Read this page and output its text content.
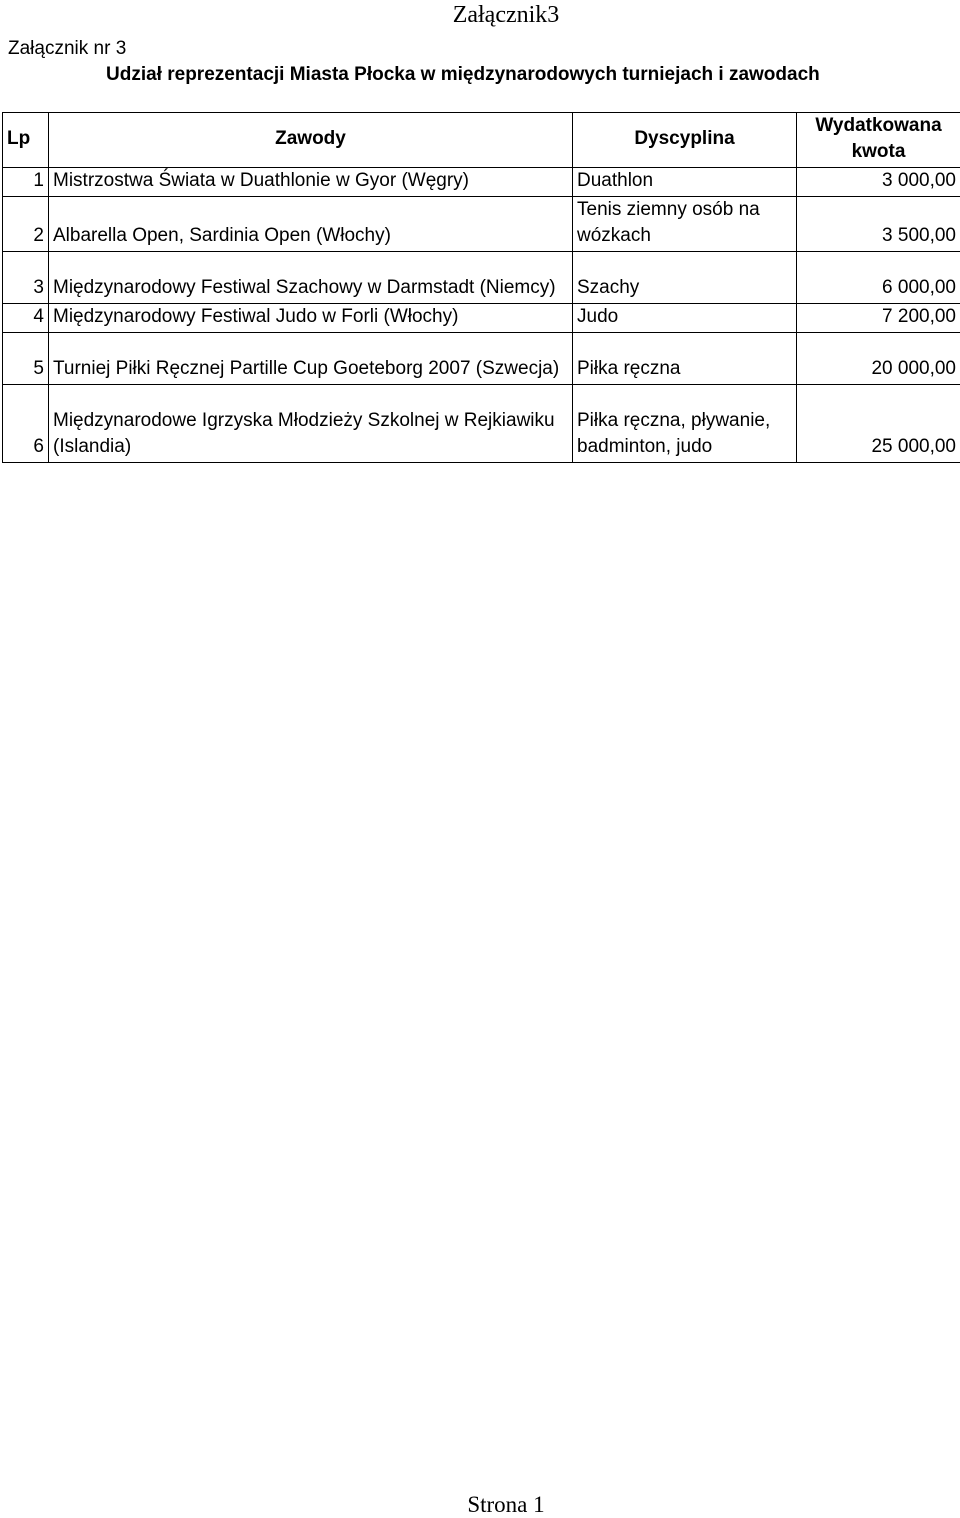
Załącznik3
Załącznik nr 3
Udział reprezentacji Miasta Płocka w międzynarodowych turniejach i zawodach
Lp	Zawody	Dyscyplina	Wydatkowana kwota
1	Mistrzostwa Świata w Duathlonie w Gyor (Węgry)	Duathlon	3 000,00
2	Albarella Open, Sardinia Open (Włochy)	Tenis ziemny osób na wózkach	3 500,00
3	Międzynarodowy Festiwal Szachowy w Darmstadt (Niemcy)	Szachy	6 000,00
4	Międzynarodowy Festiwal Judo w Forli (Włochy)	Judo	7 200,00
5	Turniej Piłki Ręcznej Partille Cup Goeteborg 2007 (Szwecja)	Piłka ręczna	20 000,00
6	Międzynarodowe Igrzyska Młodzieży Szkolnej w Rejkiawiku (Islandia)	Piłka ręczna, pływanie, badminton, judo	25 000,00
Strona 1
